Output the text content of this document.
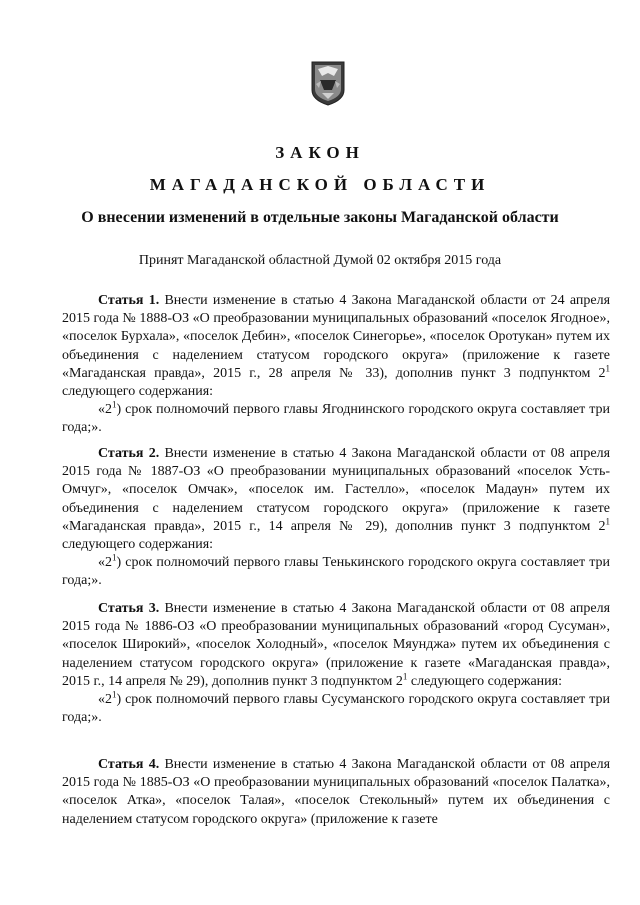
ЗАКОН
МАГАДАНСКОЙ ОБЛАСТИ
О внесении изменений в отдельные законы Магаданской области
Принят Магаданской областной Думой 02 октября 2015 года

Статья 1. Внести изменение в статью 4 Закона Магаданской области от 24 апреля 2015 года № 1888-ОЗ «О преобразовании муниципальных образований «поселок Ягодное», «поселок Бурхала», «поселок Дебин», «поселок Синегорье», «поселок Оротукан» путем их объединения с наделением статусом городского округа» (приложение к газете «Магаданская правда», 2015 г., 28 апреля № 33), дополнив пункт 3 подпунктом $2^1$ следующего содержания:

«$2^1$) срок полномочий первого главы Ягоднинского городского округа составляет три года;».

Статья 2. Внести изменение в статью 4 Закона Магаданской области от 08 апреля 2015 года № 1887-ОЗ «О преобразовании муниципальных образований «поселок Усть-Омчуг», «поселок Омчак», «поселок им. Гастелло», «поселок Мадаун» путем их объединения с наделением статусом городского округа» (приложение к газете «Магаданская правда», 2015 г., 14 апреля № 29), дополнив пункт 3 подпунктом $2^1$ следующего содержания:

«$2^1$) срок полномочий первого главы Тенькинского городского округа составляет три года;».

Статья 3. Внести изменение в статью 4 Закона Магаданской области от 08 апреля 2015 года № 1886-ОЗ «О преобразовании муниципальных образований «город Сусуман», «поселок Широкий», «поселок Холодный», «поселок Мяунджа» путем их объединения с наделением статусом городского округа» (приложение к газете «Магаданская правда», 2015 г., 14 апреля № 29), дополнив пункт 3 подпунктом $2^1$ следующего содержания:

«$2^1$) срок полномочий первого главы Сусуманского городского округа составляет три года;».

Статья 4. Внести изменение в статью 4 Закона Магаданской области от 08 апреля 2015 года № 1885-ОЗ «О преобразовании муниципальных образований «поселок Палатка», «поселок Атка», «поселок Талая», «поселок Стекольный» путем их объединения с наделением статусом городского округа» (приложение к газете
